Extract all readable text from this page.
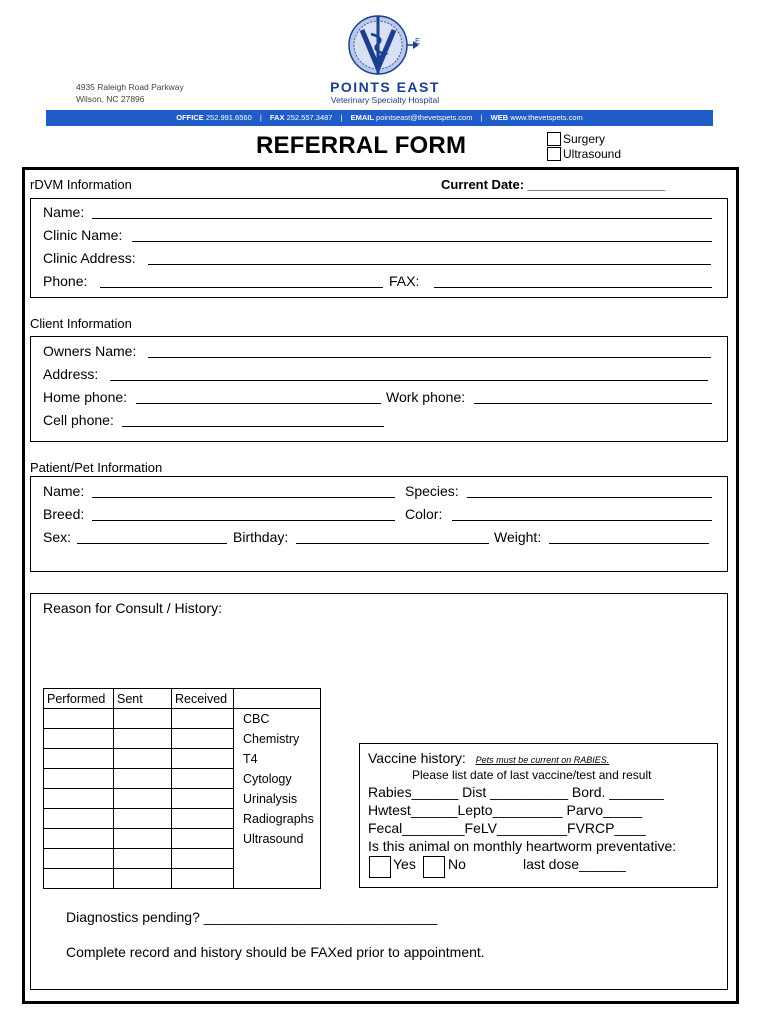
E
POINTS EAST
Veterinary Specialty Hospital
4935 Raleigh Road Parkway
Wilson, NC 27896
OFFICE 252.991.6560 | FAX 252.557.3487 | EMAIL pointseast@thevetspets.com | WEB www.thevetspets.com
REFERRAL FORM	Surgery
Ultrasound
rDVM Information	Current Date: ___________________
Name:
Clinic Name:
Clinic Address:
Phone:	FAX:
Client Information
Owners Name:
Address:
Home phone:	Work phone:
Cell phone:
Patient/Pet Information
Name:	Species:
Breed:	Color:
Sex:	Birthday:	Weight:
Reason for Consult / History:
Performed	Sent	Received	
			CBC
			Chemistry
			T4
			Cytology
			Urinalysis
			Radiographs
			Ultrasound

Vaccine history: Pets must be current on RABIES.
Please list date of last vaccine/test and result
Rabies______ Dist __________ Bord. _______
Hwtest______Lepto_________ Parvo_____
Fecal________FeLV_________FVRCP____
Is this animal on monthly heartworm preventative:
Yes No	last dose______
Diagnostics pending? ______________________________
Complete record and history should be FAXed prior to appointment.
